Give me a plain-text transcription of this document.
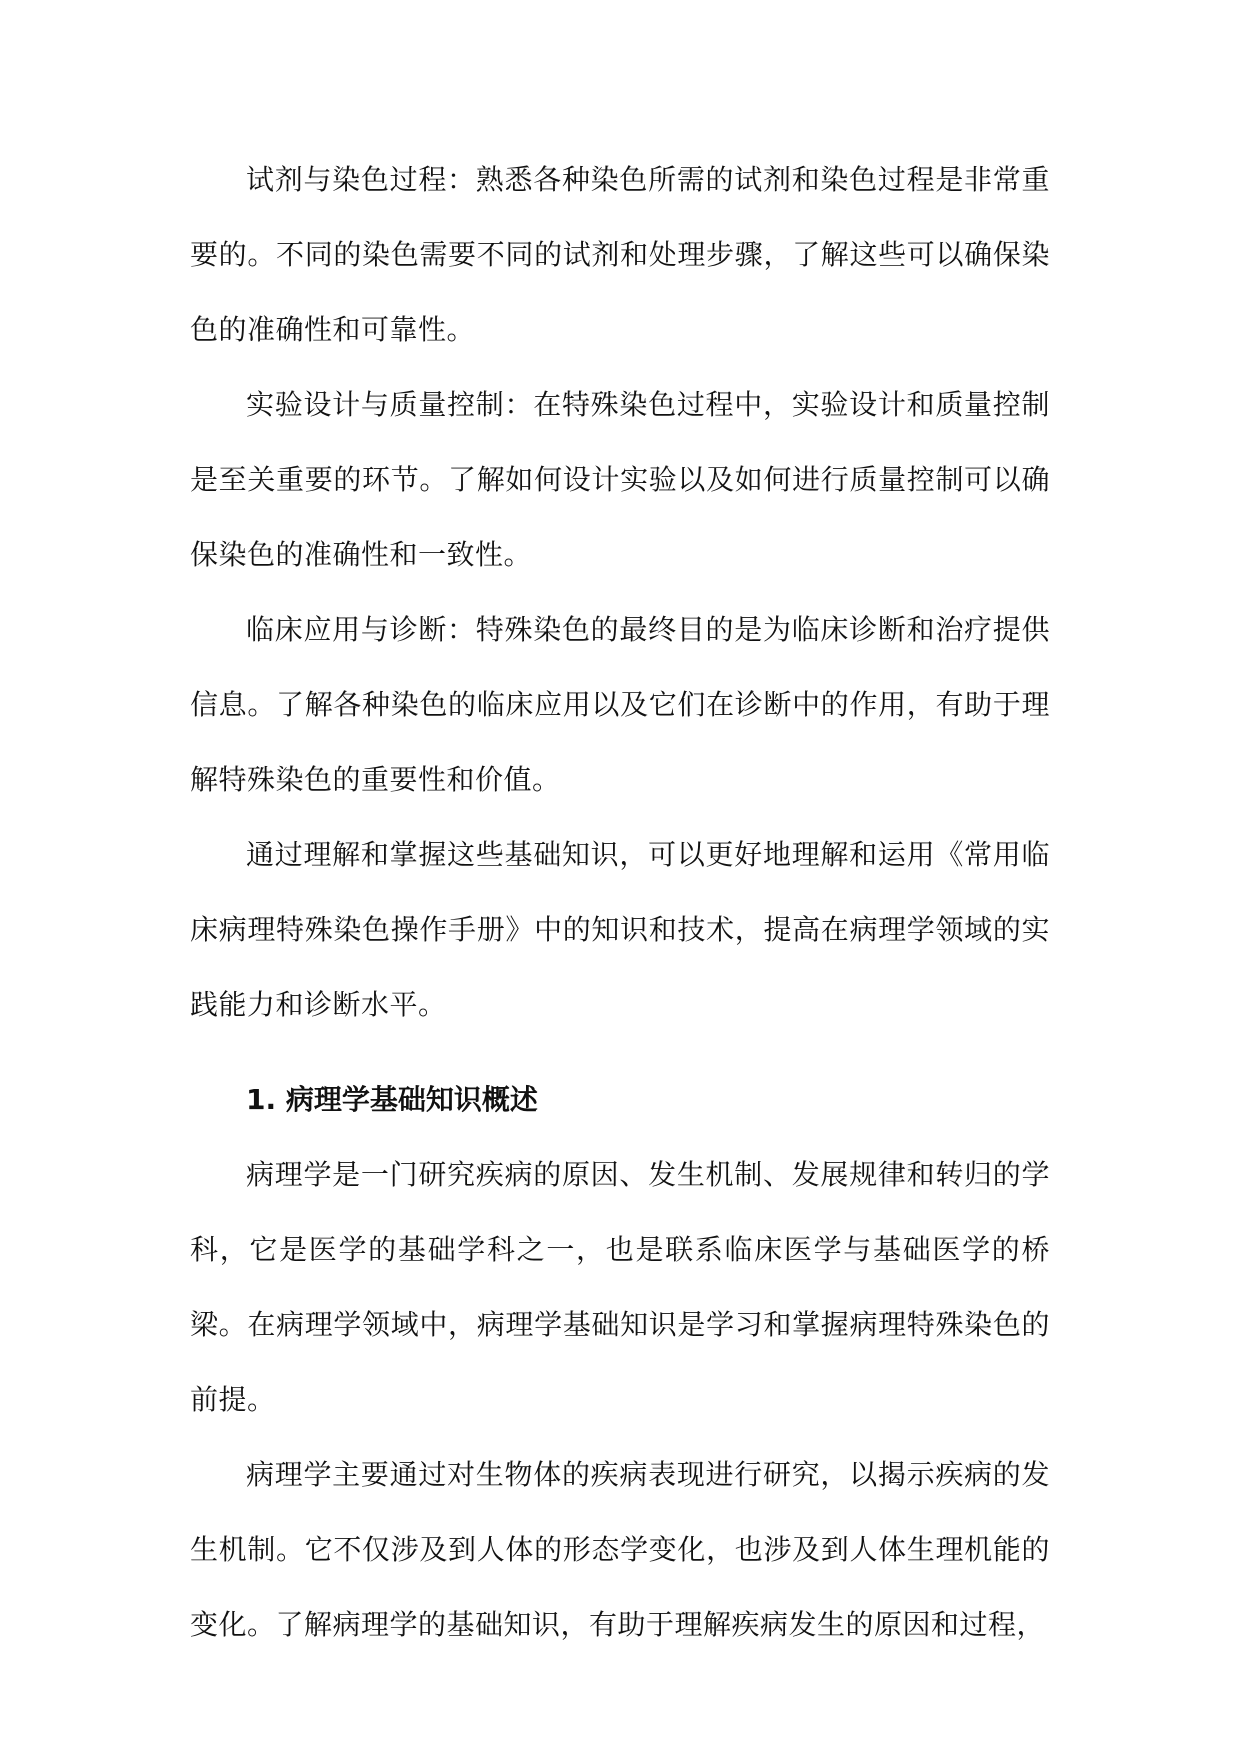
试剂与染色过程：熟悉各种染色所需的试剂和染色过程是非常重要的。不同的染色需要不同的试剂和处理步骤，了解这些可以确保染色的准确性和可靠性。

实验设计与质量控制：在特殊染色过程中，实验设计和质量控制是至关重要的环节。了解如何设计实验以及如何进行质量控制可以确保染色的准确性和一致性。

临床应用与诊断：特殊染色的最终目的是为临床诊断和治疗提供信息。了解各种染色的临床应用以及它们在诊断中的作用，有助于理解特殊染色的重要性和价值。

通过理解和掌握这些基础知识，可以更好地理解和运用《常用临床病理特殊染色操作手册》中的知识和技术，提高在病理学领域的实践能力和诊断水平。

1. 病理学基础知识概述

病理学是一门研究疾病的原因、发生机制、发展规律和转归的学科，它是医学的基础学科之一，也是联系临床医学与基础医学的桥梁。在病理学领域中，病理学基础知识是学习和掌握病理特殊染色的前提。

病理学主要通过对生物体的疾病表现进行研究，以揭示疾病的发生机制。它不仅涉及到人体的形态学变化，也涉及到人体生理机能的变化。了解病理学的基础知识，有助于理解疾病发生的原因和过程，
